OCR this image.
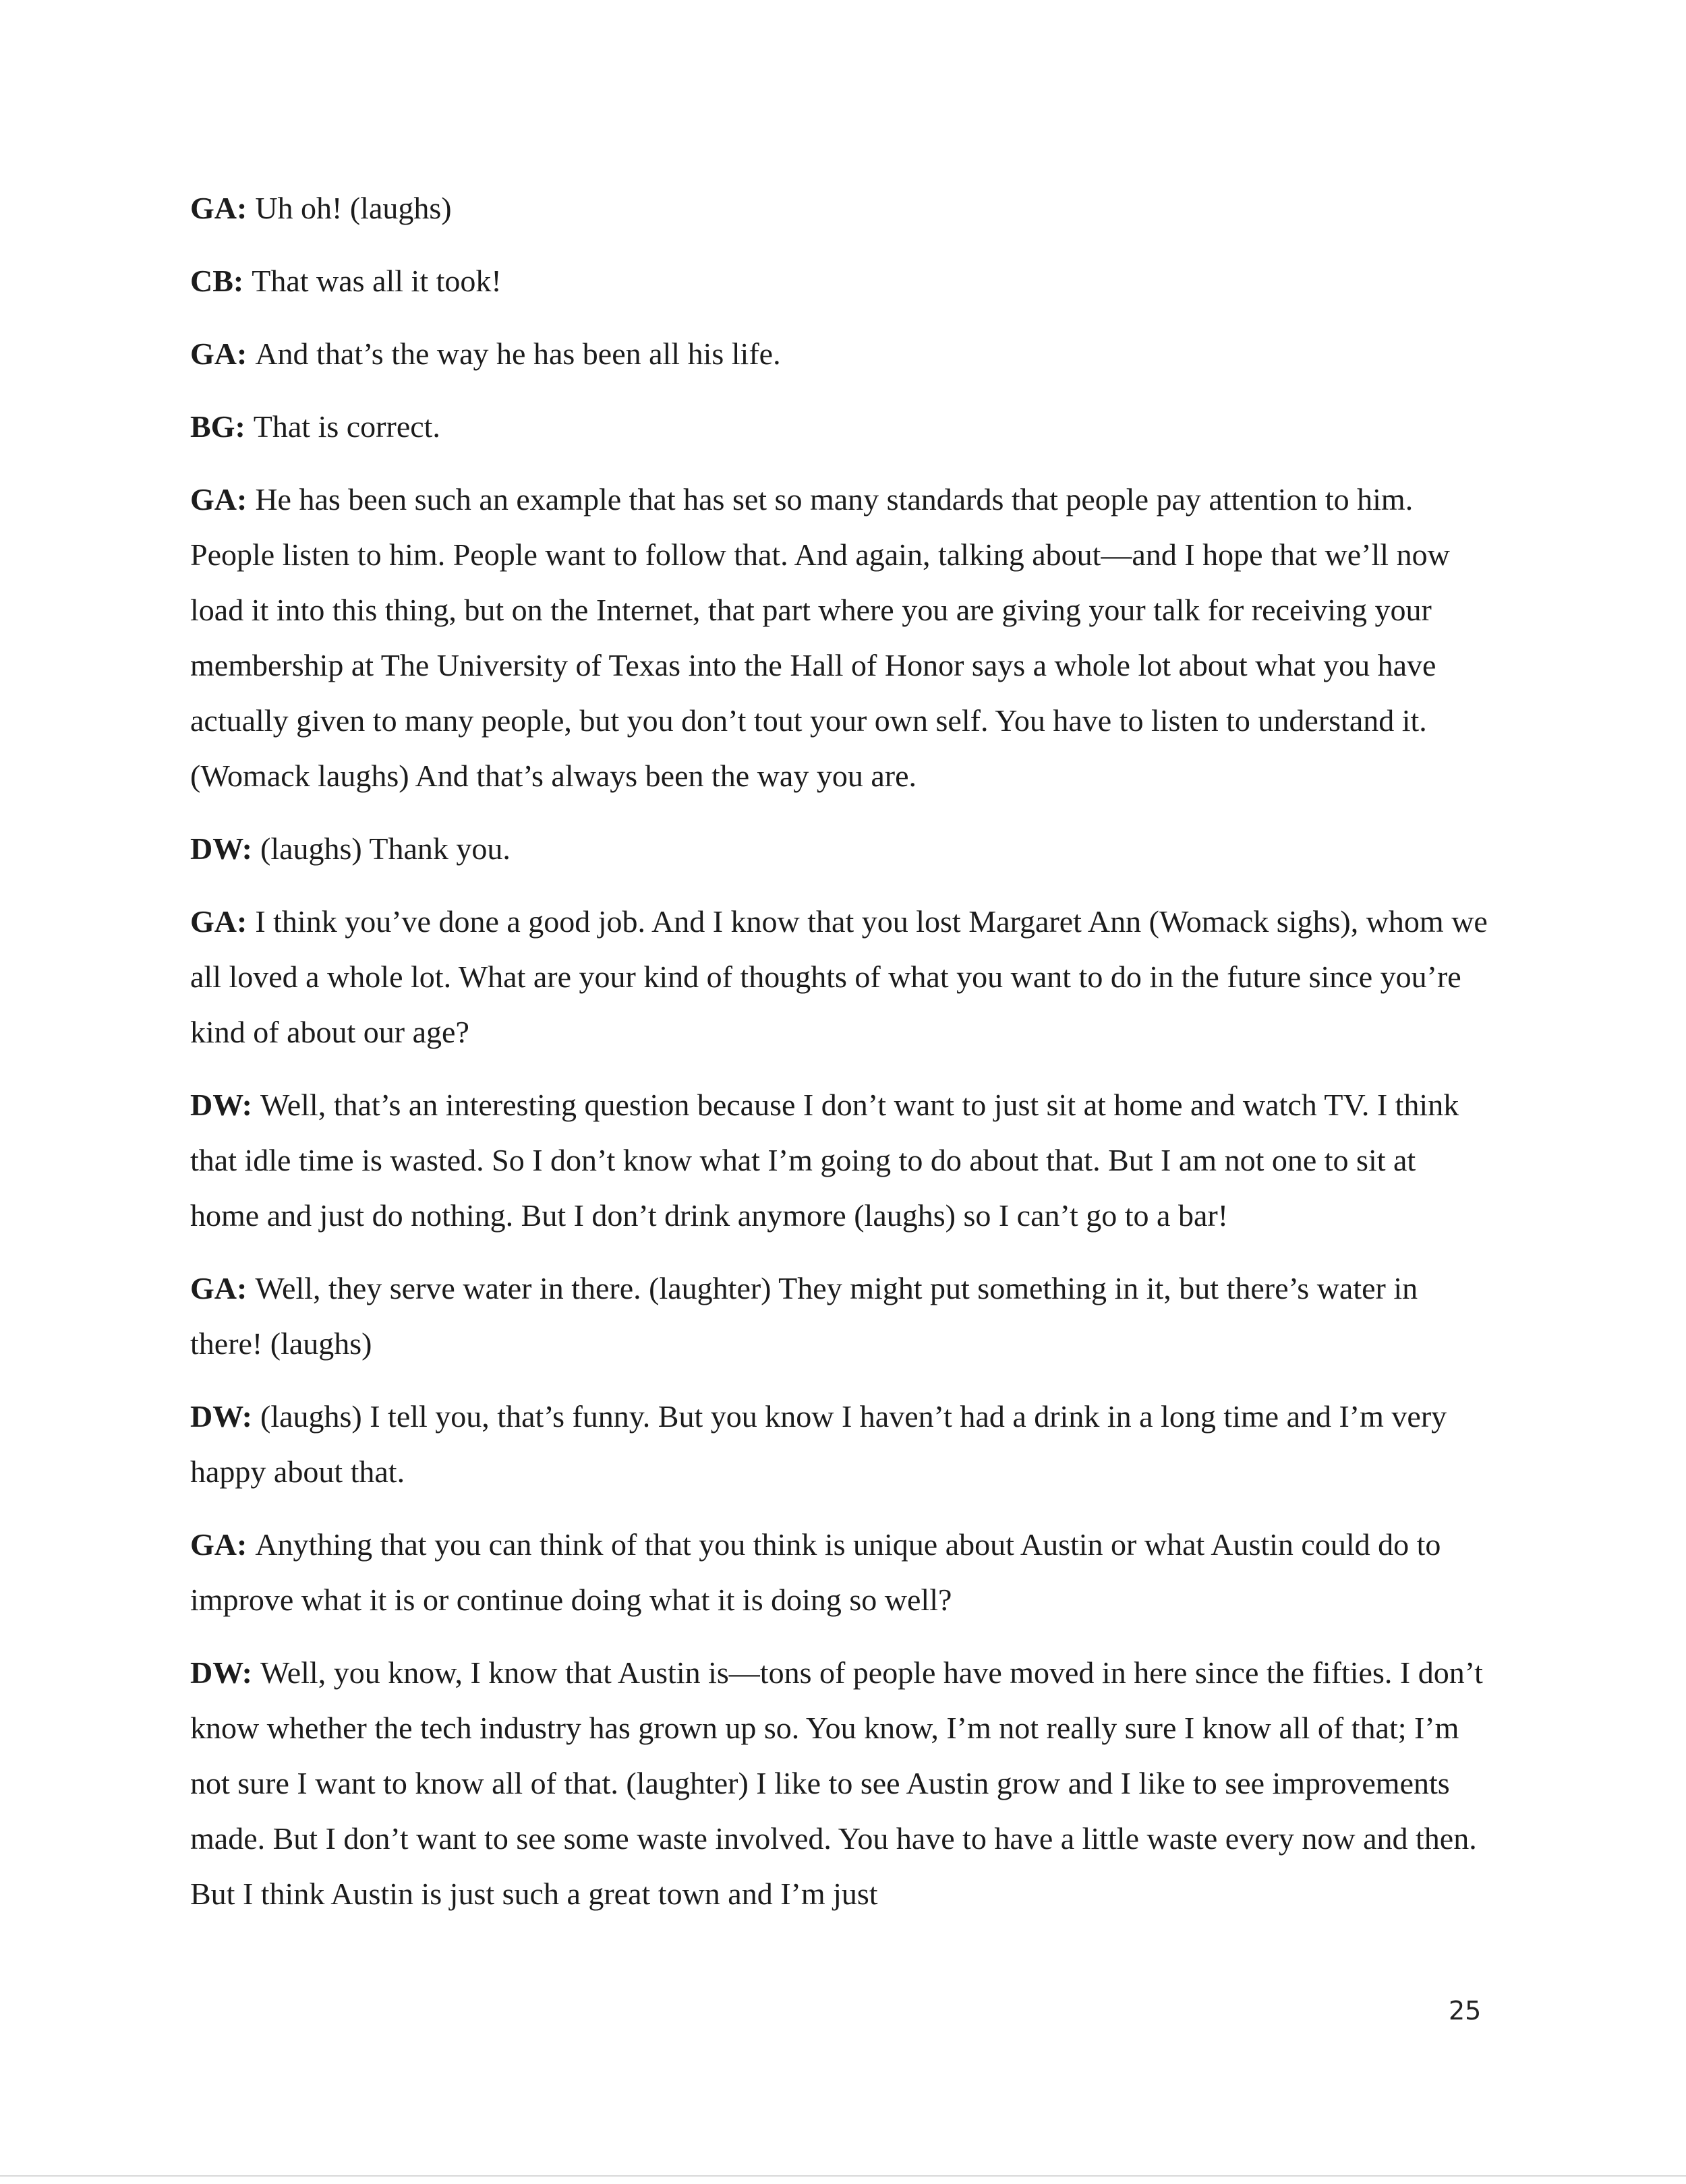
GA: Uh oh! (laughs)

CB: That was all it took!

GA: And that’s the way he has been all his life.

BG: That is correct.

GA: He has been such an example that has set so many standards that people pay attention to him. People listen to him. People want to follow that. And again, talking about—and I hope that we’ll now load it into this thing, but on the Internet, that part where you are giving your talk for receiving your membership at The University of Texas into the Hall of Honor says a whole lot about what you have actually given to many people, but you don’t tout your own self. You have to listen to understand it. (Womack laughs) And that’s always been the way you are.

DW: (laughs) Thank you.

GA: I think you’ve done a good job. And I know that you lost Margaret Ann (Womack sighs), whom we all loved a whole lot. What are your kind of thoughts of what you want to do in the future since you’re kind of about our age?

DW: Well, that’s an interesting question because I don’t want to just sit at home and watch TV. I think that idle time is wasted. So I don’t know what I’m going to do about that. But I am not one to sit at home and just do nothing. But I don’t drink anymore (laughs) so I can’t go to a bar!

GA: Well, they serve water in there. (laughter) They might put something in it, but there’s water in there! (laughs)

DW: (laughs) I tell you, that’s funny. But you know I haven’t had a drink in a long time and I’m very happy about that.

GA: Anything that you can think of that you think is unique about Austin or what Austin could do to improve what it is or continue doing what it is doing so well?

DW: Well, you know, I know that Austin is—tons of people have moved in here since the fifties. I don’t know whether the tech industry has grown up so. You know, I’m not really sure I know all of that; I’m not sure I want to know all of that. (laughter) I like to see Austin grow and I like to see improvements made. But I don’t want to see some waste involved. You have to have a little waste every now and then. But I think Austin is just such a great town and I’m just

25
